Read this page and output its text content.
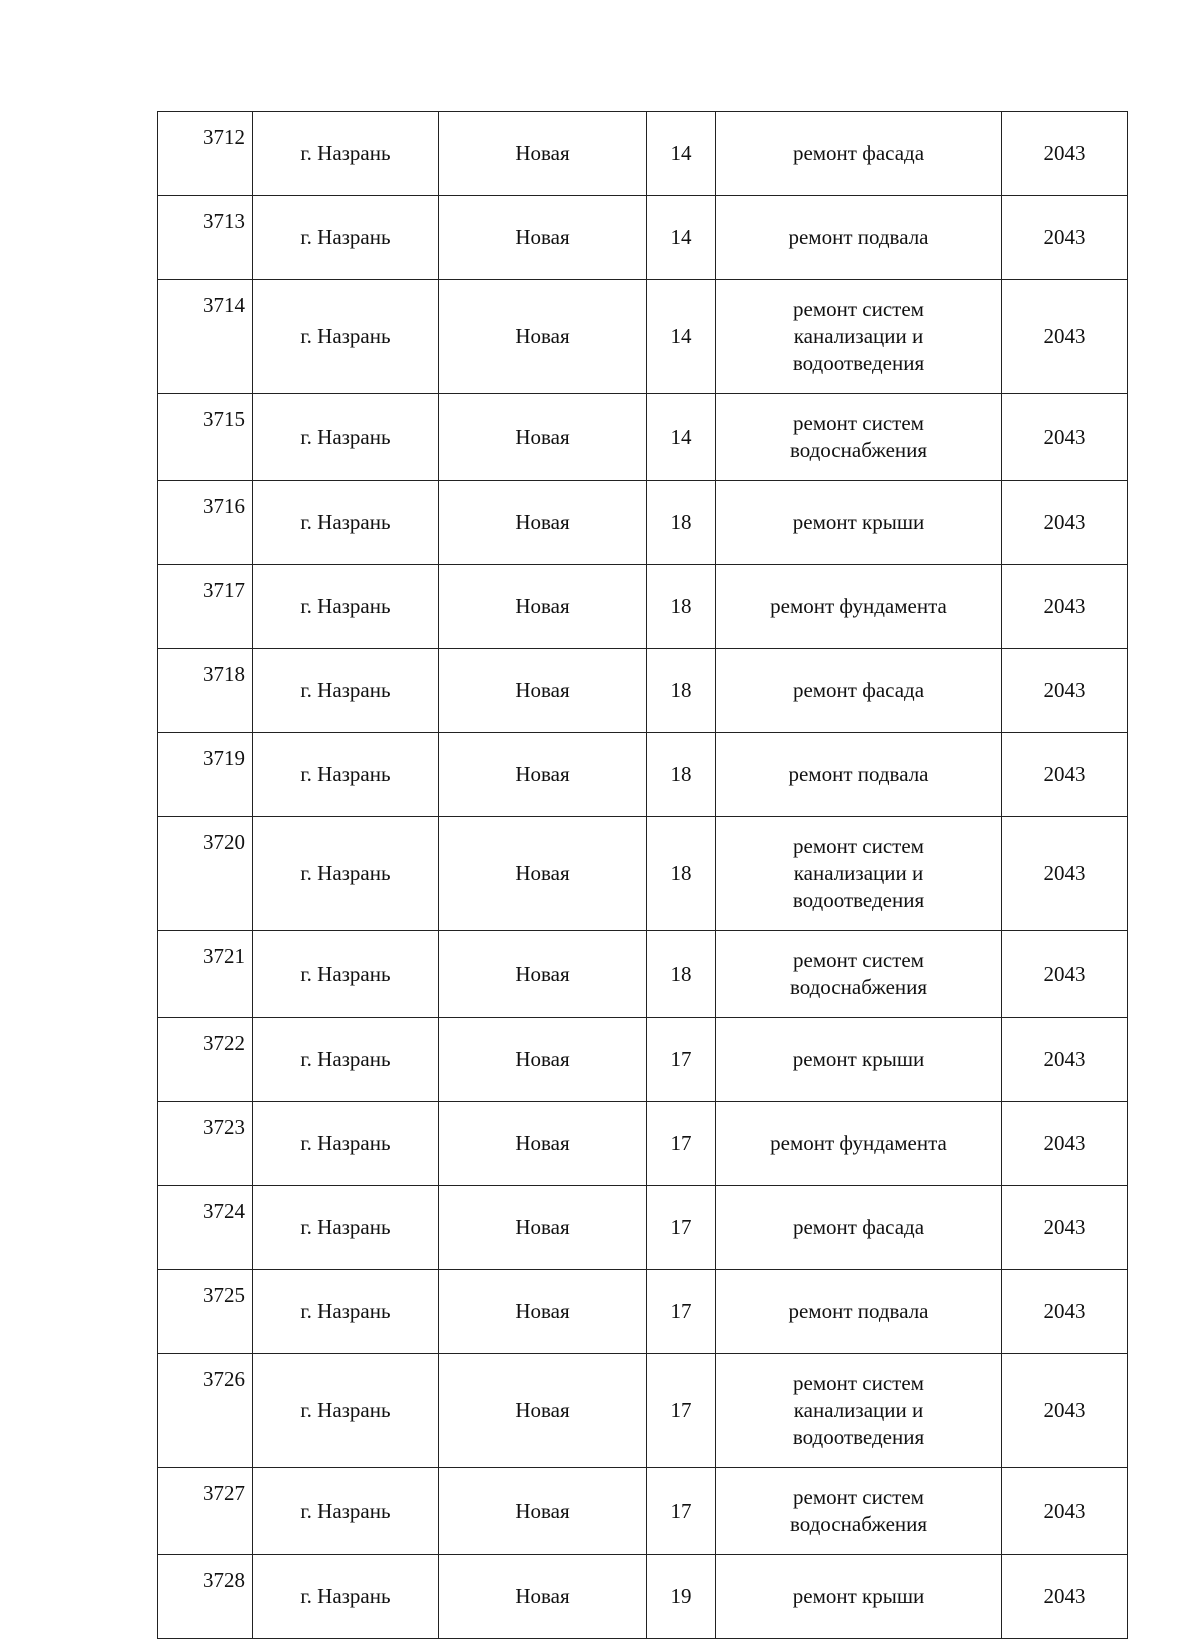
3712	г. Назрань	Новая	14	ремонт фасада	2043
3713	г. Назрань	Новая	14	ремонт подвала	2043
3714	г. Назрань	Новая	14	ремонт систем
канализации и
водоотведения	2043
3715	г. Назрань	Новая	14	ремонт систем
водоснабжения	2043
3716	г. Назрань	Новая	18	ремонт крыши	2043
3717	г. Назрань	Новая	18	ремонт фундамента	2043
3718	г. Назрань	Новая	18	ремонт фасада	2043
3719	г. Назрань	Новая	18	ремонт подвала	2043
3720	г. Назрань	Новая	18	ремонт систем
канализации и
водоотведения	2043
3721	г. Назрань	Новая	18	ремонт систем
водоснабжения	2043
3722	г. Назрань	Новая	17	ремонт крыши	2043
3723	г. Назрань	Новая	17	ремонт фундамента	2043
3724	г. Назрань	Новая	17	ремонт фасада	2043
3725	г. Назрань	Новая	17	ремонт подвала	2043
3726	г. Назрань	Новая	17	ремонт систем
канализации и
водоотведения	2043
3727	г. Назрань	Новая	17	ремонт систем
водоснабжения	2043
3728	г. Назрань	Новая	19	ремонт крыши	2043
